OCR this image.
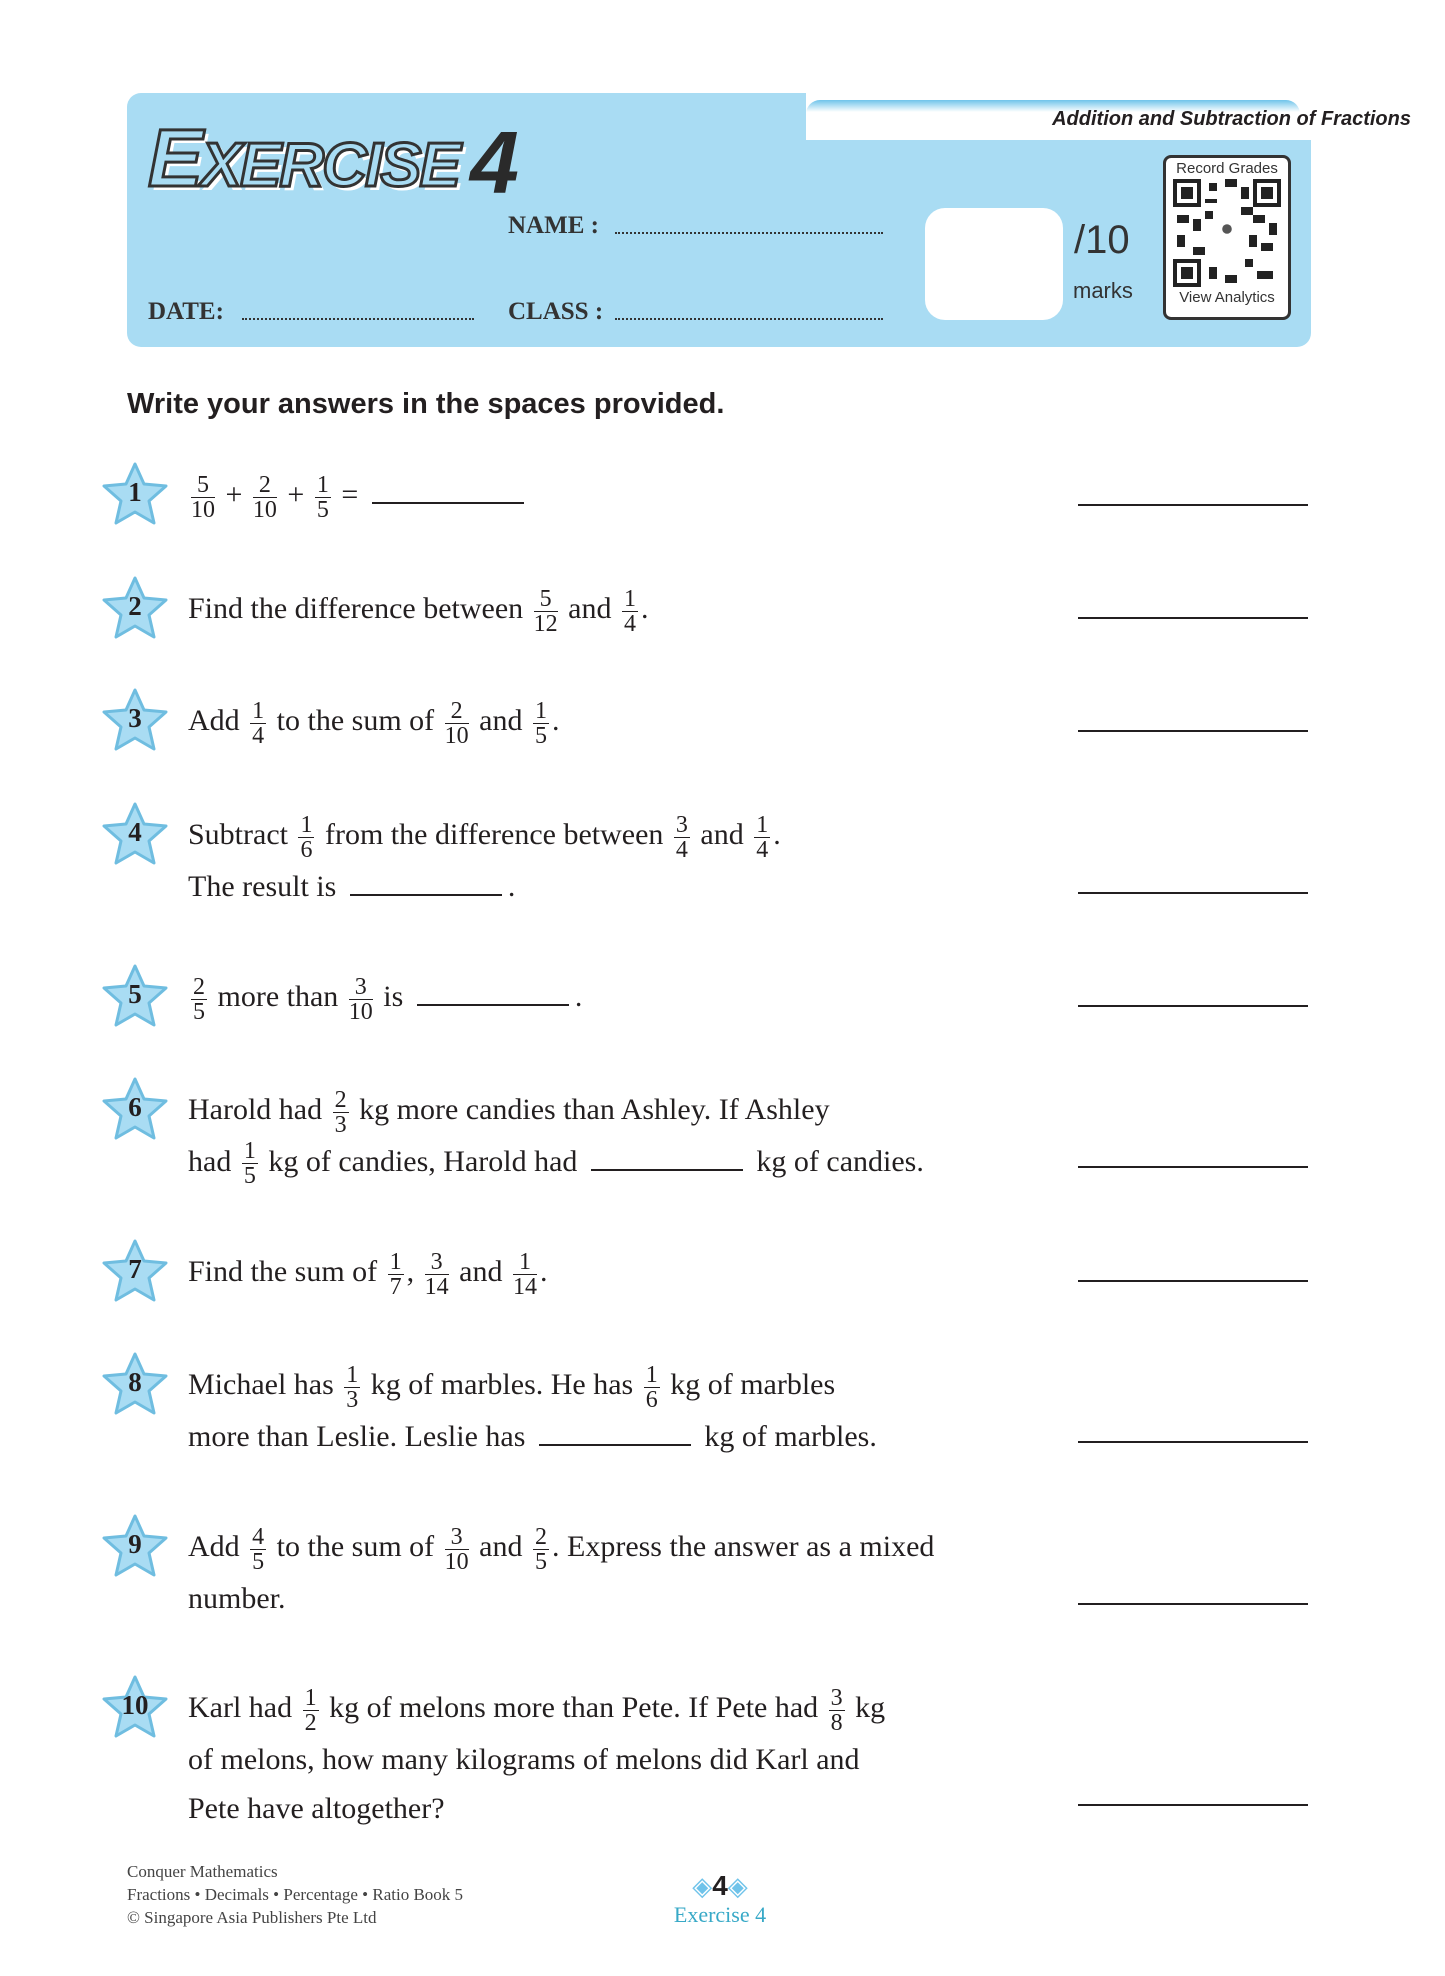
Addition and Subtraction of Fractions
EXERCISE 4
NAME :
DATE:	CLASS :
/10
marks
Record Grades
View Analytics
Write your answers in the spaces provided.
1	$\frac{5}{10} + \frac{2}{10} + \frac{1}{5}$ =
2	Find the difference between $\frac{5}{12}$ and $\frac{1}{4}$ .
3	Add $\frac{1}{4}$ to the sum of $\frac{2}{10}$ and $\frac{1}{5}$ .
4	Subtract $\frac{1}{6}$ from the difference between $\frac{3}{4}$ and $\frac{1}{4}$ .
The result is	.
5	$\frac{2}{5}$ more than $\frac{3}{10}$ is	.
6	Harold had $\frac{2}{3}$ kg more candies than Ashley. If Ashley
had $\frac{1}{5}$ kg of candies, Harold had	kg of candies.
7	Find the sum of $\frac{1}{7}$ , $\frac{3}{14}$ and $\frac{1}{14}$ .
8	Michael has $\frac{1}{3}$ kg of marbles. He has $\frac{1}{6}$ kg of marbles
more than Leslie. Leslie has	kg of marbles.
9	Add $\frac{4}{5}$ to the sum of $\frac{3}{10}$ and $\frac{2}{5}$ . Express the answer as a mixed
number.
10	Karl had $\frac{1}{2}$ kg of melons more than Pete. If Pete had $\frac{3}{8}$ kg
of melons, how many kilograms of melons did Karl and
Pete have altogether?
Conquer Mathematics
Fractions • Decimals • Percentage • Ratio Book 5
© Singapore Asia Publishers Pte Ltd
◈4◈
Exercise 4
